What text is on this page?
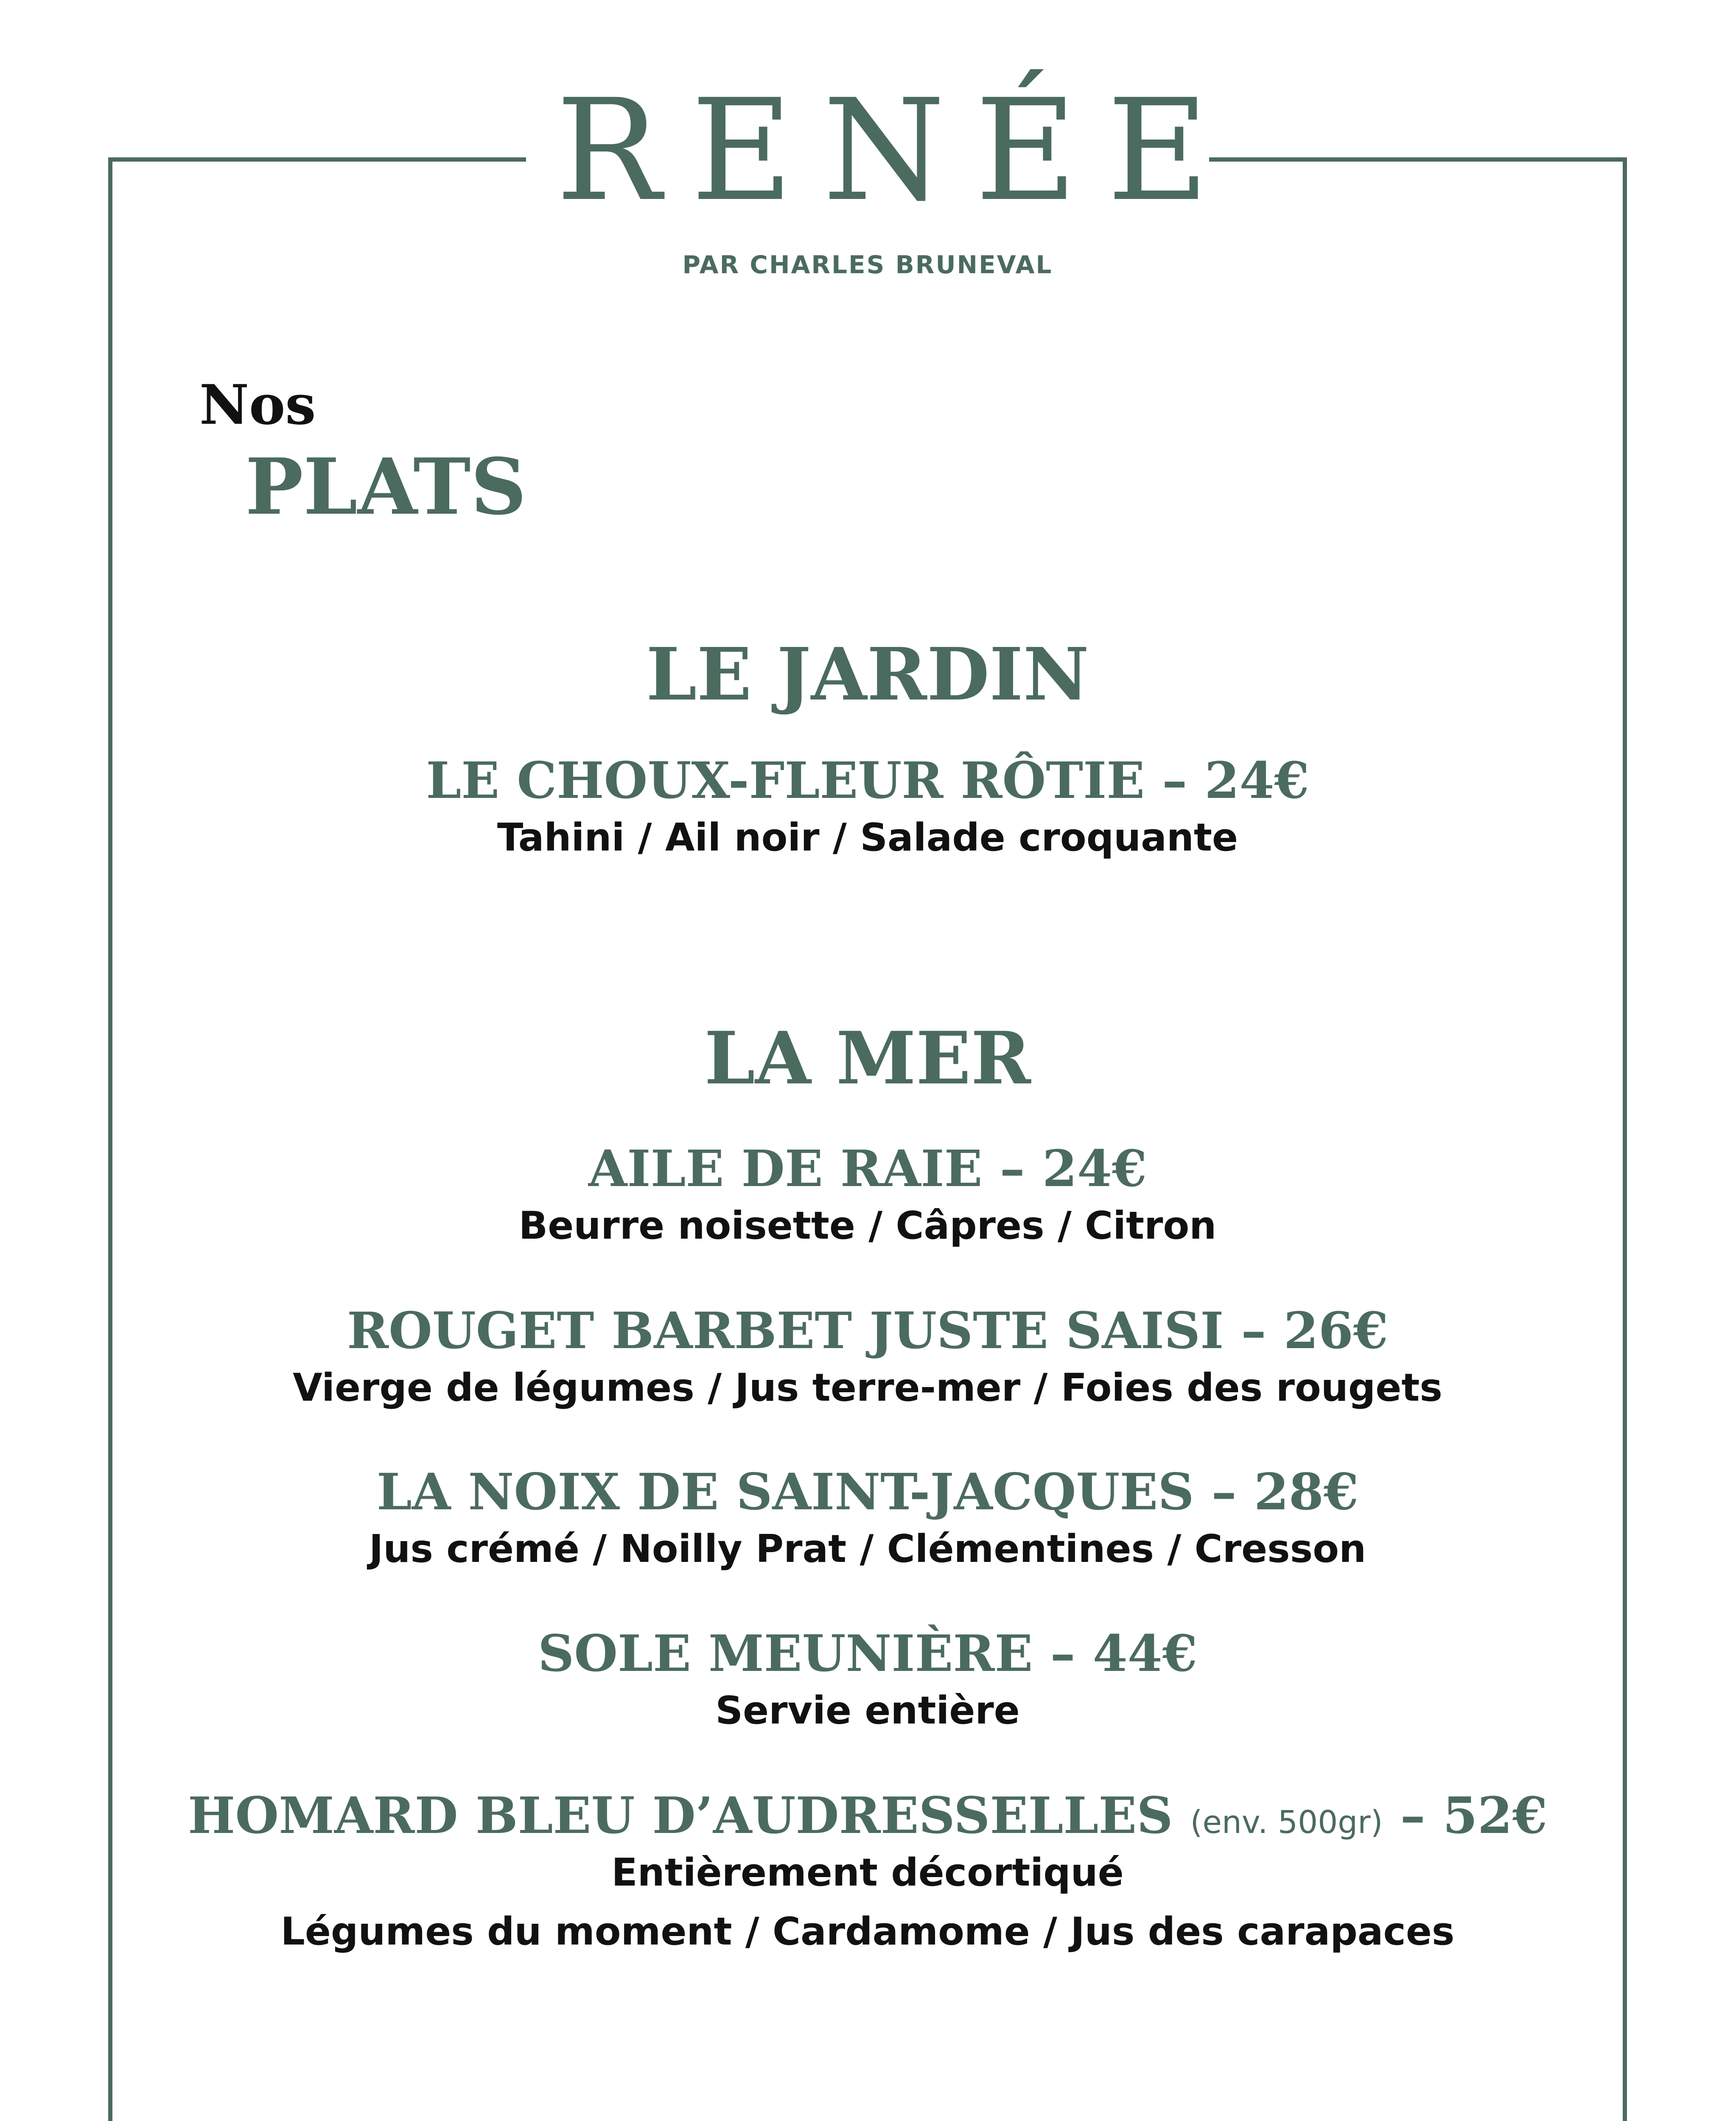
RENÉE
PAR CHARLES BRUNEVAL
Nos
PLATS
LE JARDIN
LE CHOUX-FLEUR RÔTIE – 24€
Tahini / Ail noir / Salade croquante
LA MER
AILE DE RAIE – 24€
Beurre noisette / Câpres / Citron
ROUGET BARBET JUSTE SAISI – 26€
Vierge de légumes / Jus terre-mer / Foies des rougets
LA NOIX DE SAINT-JACQUES – 28€
Jus crémé / Noilly Prat / Clémentines / Cresson
SOLE MEUNIÈRE – 44€
Servie entière
HOMARD BLEU D’AUDRESSELLES (env. 500gr) – 52€
Entièrement décortiqué
Légumes du moment / Cardamome / Jus des carapaces
